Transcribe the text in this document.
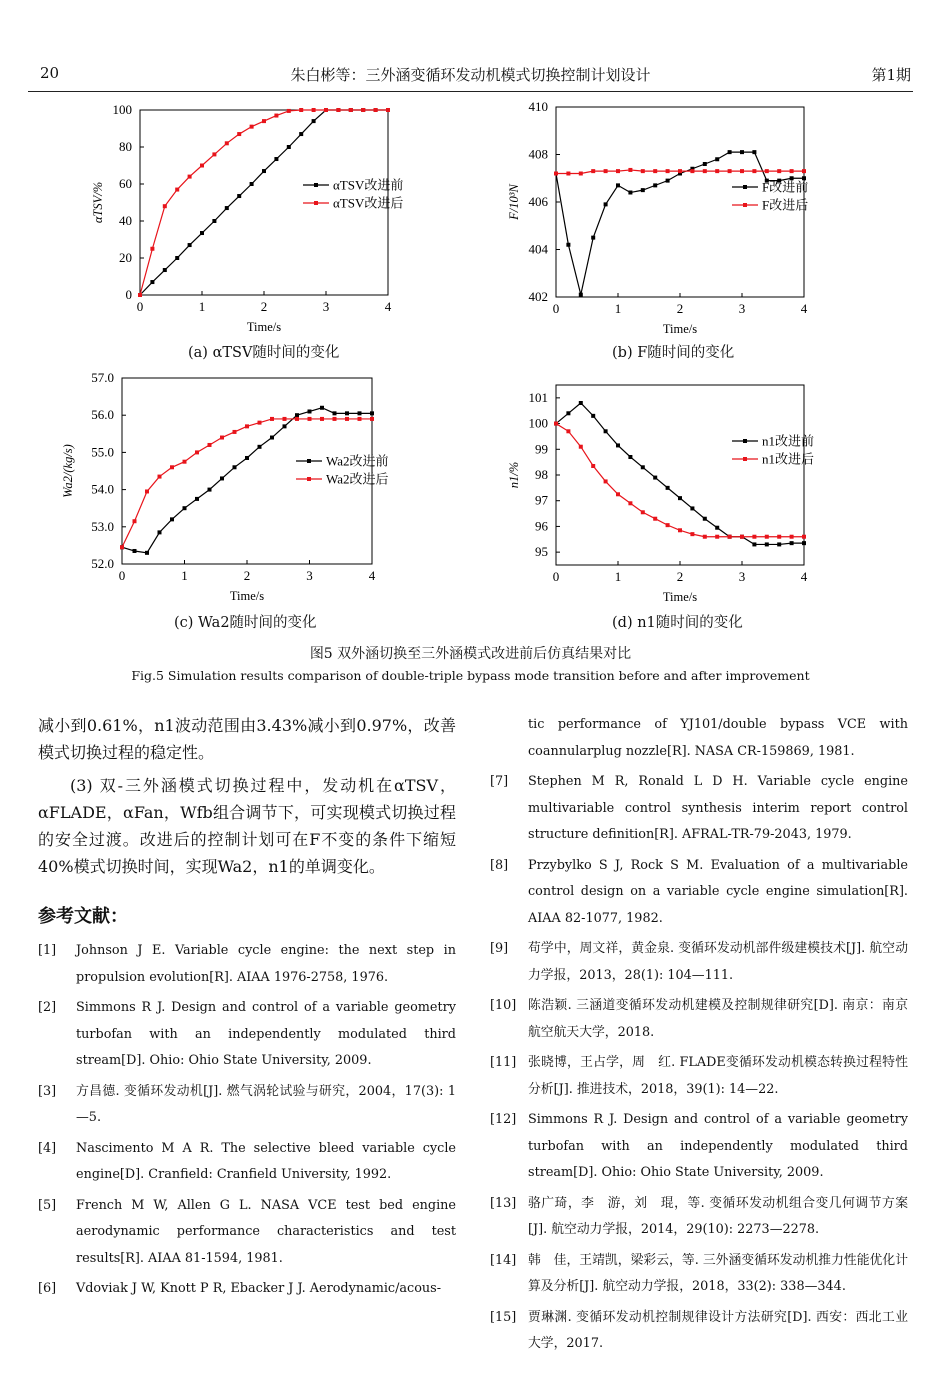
20	朱白彬等：三外涵变循环发动机模式切换控制计划设计	第1期
0	1	2	3	4
0
20
40
60
80
100
Time/s
αTSV/%	αTSV改进前
αTSV改进后
0	1	2	3	4
402
404
406
408
410
Time/s
F/10³N	F改进前
F改进后
0	1	2	3	4
52.0
53.0
54.0
55.0
56.0
57.0
Time/s
Wa2/(kg/s)	Wa2改进前
Wa2改进后
0	1	2	3	4
95
96
97
98
99
100
101
Time/s
n1/%
n1改进前
n1改进后
(a) αTSV随时间的变化	(b) F随时间的变化
(c) Wa2随时间的变化	(d) n1随时间的变化
图5 双外涵切换至三外涵模式改进前后仿真结果对比
Fig.5 Simulation results comparison of double-triple bypass mode transition before and after improvement

减小到0.61%，n1波动范围由3.43%减小到0.97%，改善模式切换过程的稳定性。

(3) 双-三外涵模式切换过程中，发动机在αTSV，αFLADE，αFan，Wfb组合调节下，可实现模式切换过程的安全过渡。改进后的控制计划可在F不变的条件下缩短40%模式切换时间，实现Wa2，n1的单调变化。

参考文献：
[1] Johnson J E. Variable cycle engine: the next step in propulsion evolution[R]. AIAA 1976-2758, 1976.
[2] Simmons R J. Design and control of a variable geometry turbofan with an independently modulated third stream[D]. Ohio: Ohio State University, 2009.
[3] 方昌德. 变循环发动机[J]. 燃气涡轮试验与研究，2004，17(3): 1—5.
[4] Nascimento M A R. The selective bleed variable cycle engine[D]. Cranfield: Cranfield University, 1992.
[5] French M W, Allen G L. NASA VCE test bed engine aerodynamic performance characteristics and test results[R]. AIAA 81-1594, 1981.
[6] Vdoviak J W, Knott P R, Ebacker J J. Aerodynamic/acous-
tic performance of YJ101/double bypass VCE with coannularplug nozzle[R]. NASA CR-159869, 1981.
[7] Stephen M R, Ronald L D H. Variable cycle engine multivariable control synthesis interim report control structure definition[R]. AFRAL-TR-79-2043, 1979.
[8] Przybylko S J, Rock S M. Evaluation of a multivariable control design on a variable cycle engine simulation[R]. AIAA 82-1077, 1982.
[9] 苟学中，周文祥，黄金泉. 变循环发动机部件级建模技术[J]. 航空动力学报，2013，28(1): 104—111.
[10] 陈浩颖. 三涵道变循环发动机建模及控制规律研究[D]. 南京：南京航空航天大学，2018.
[11] 张晓博，王占学，周　红. FLADE变循环发动机模态转换过程特性分析[J]. 推进技术，2018，39(1): 14—22.
[12] Simmons R J. Design and control of a variable geometry turbofan with an independently modulated third stream[D]. Ohio: Ohio State University, 2009.
[13] 骆广琦，李　游，刘　琨，等. 变循环发动机组合变几何调节方案[J]. 航空动力学报，2014，29(10): 2273—2278.
[14] 韩　佳，王靖凯，梁彩云，等. 三外涵变循环发动机推力性能优化计算及分析[J]. 航空动力学报，2018，33(2): 338—344.
[15] 贾琳渊. 变循环发动机控制规律设计方法研究[D]. 西安：西北工业大学，2017.
